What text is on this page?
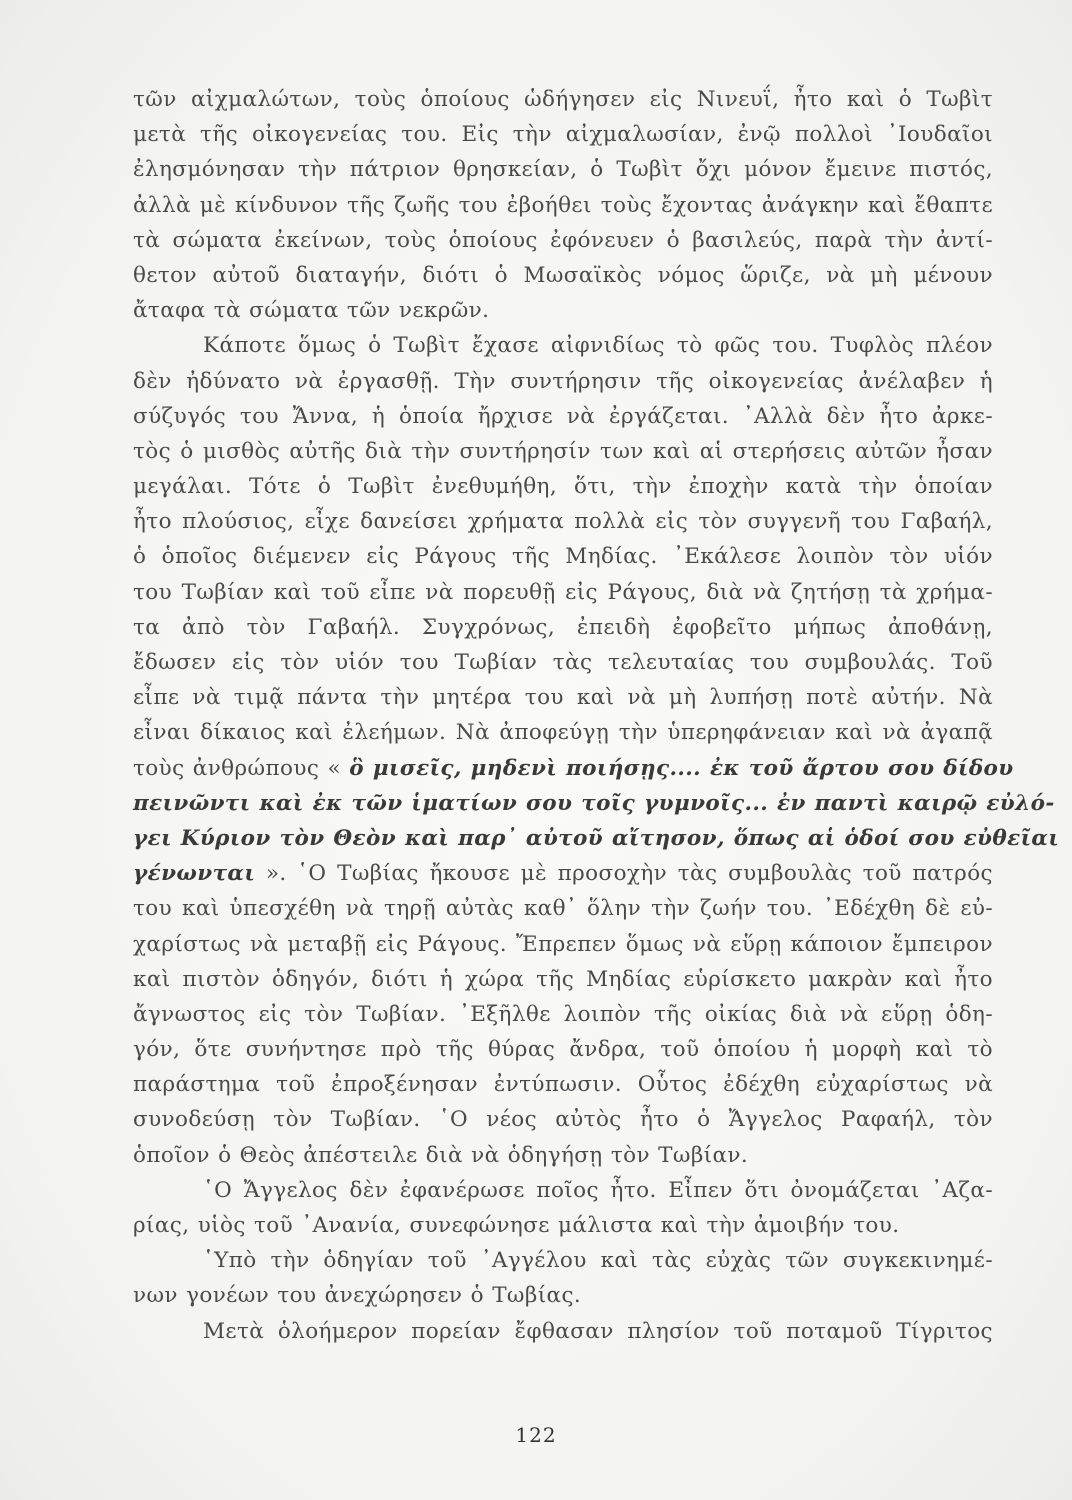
τῶν αἰχμαλώτων, τοὺς ὁποίους ὡδήγησεν εἰς Νινευΐ, ἦτο καὶ ὁ Τωβὶτ
μετὰ τῆς οἰκογενείας του. Εἰς τὴν αἰχμαλωσίαν, ἐνῷ πολλοὶ ᾿Ιουδαῖοι
ἐλησμόνησαν τὴν πάτριον θρησκείαν, ὁ Τωβὶτ ὄχι μόνον ἔμεινε πιστός,
ἀλλὰ μὲ κίνδυνον τῆς ζωῆς του ἐβοήθει τοὺς ἔχοντας ἀνάγκην καὶ ἔθαπτε
τὰ σώματα ἐκείνων, τοὺς ὁποίους ἐφόνευεν ὁ βασιλεύς, παρὰ τὴν ἀντί-
θετον αὐτοῦ διαταγήν, διότι ὁ Μωσαϊκὸς νόμος ὥριζε, νὰ μὴ μένουν
ἄταφα τὰ σώματα τῶν νεκρῶν.
Κάποτε ὅμως ὁ Τωβὶτ ἔχασε αἰφνιδίως τὸ φῶς του. Τυφλὸς πλέον
δὲν ἠδύνατο νὰ ἐργασθῇ. Τὴν συντήρησιν τῆς οἰκογενείας ἀνέλαβεν ἡ
σύζυγός του Ἄννα, ἡ ὁποία ἤρχισε νὰ ἐργάζεται. ᾿Αλλὰ δὲν ἦτο ἀρκε-
τὸς ὁ μισθὸς αὐτῆς διὰ τὴν συντήρησίν των καὶ αἱ στερήσεις αὐτῶν ἦσαν
μεγάλαι. Τότε ὁ Τωβὶτ ἐνεθυμήθη, ὅτι, τὴν ἐποχὴν κατὰ τὴν ὁποίαν
ἦτο πλούσιος, εἶχε δανείσει χρήματα πολλὰ εἰς τὸν συγγενῆ του Γαβαήλ,
ὁ ὁποῖος διέμενεν εἰς Ράγους τῆς Μηδίας. ᾿Εκάλεσε λοιπὸν τὸν υἱόν
του Τωβίαν καὶ τοῦ εἶπε νὰ πορευθῇ εἰς Ράγους, διὰ νὰ ζητήσῃ τὰ χρήμα-
τα ἀπὸ τὸν Γαβαήλ. Συγχρόνως, ἐπειδὴ ἐφοβεῖτο μήπως ἀποθάνῃ,
ἔδωσεν εἰς τὸν υἱόν του Τωβίαν τὰς τελευταίας του συμβουλάς. Τοῦ
εἶπε νὰ τιμᾷ πάντα τὴν μητέρα του καὶ νὰ μὴ λυπήσῃ ποτὲ αὐτήν. Νὰ
εἶναι δίκαιος καὶ ἐλεήμων. Νὰ ἀποφεύγῃ τὴν ὑπερηφάνειαν καὶ νὰ ἀγαπᾷ
τοὺς ἀνθρώπους « ὃ μισεῖς, μηδενὶ ποιήσῃς.... ἐκ τοῦ ἄρτου σου δίδου
πεινῶντι καὶ ἐκ τῶν ἱματίων σου τοῖς γυμνοῖς... ἐν παντὶ καιρῷ εὐλό-
γει Κύριον τὸν Θεὸν καὶ παρ᾿ αὐτοῦ αἴτησον, ὅπως αἱ ὁδοί σου εὐθεῖαι
γένωνται ». ῾Ο Τωβίας ἤκουσε μὲ προσοχὴν τὰς συμβουλὰς τοῦ πατρός
του καὶ ὑπεσχέθη νὰ τηρῇ αὐτὰς καθ᾿ ὅλην τὴν ζωήν του. ᾿Εδέχθη δὲ εὐ-
χαρίστως νὰ μεταβῇ εἰς Ράγους. Ἔπρεπεν ὅμως νὰ εὕρῃ κάποιον ἔμπειρον
καὶ πιστὸν ὁδηγόν, διότι ἡ χώρα τῆς Μηδίας εὑρίσκετο μακρὰν καὶ ἦτο
ἄγνωστος εἰς τὸν Τωβίαν. ᾿Εξῆλθε λοιπὸν τῆς οἰκίας διὰ νὰ εὕρῃ ὁδη-
γόν, ὅτε συνήντησε πρὸ τῆς θύρας ἄνδρα, τοῦ ὁποίου ἡ μορφὴ καὶ τὸ
παράστημα τοῦ ἐπροξένησαν ἐντύπωσιν. Οὗτος ἐδέχθη εὐχαρίστως νὰ
συνοδεύσῃ τὸν Τωβίαν. ῾Ο νέος αὐτὸς ἦτο ὁ Ἄγγελος Ραφαήλ, τὸν
ὁποῖον ὁ Θεὸς ἀπέστειλε διὰ νὰ ὁδηγήσῃ τὸν Τωβίαν.
῾Ο Ἄγγελος δὲν ἐφανέρωσε ποῖος ἦτο. Εἶπεν ὅτι ὀνομάζεται ᾿Αζα-
ρίας, υἱὸς τοῦ ᾿Ανανία, συνεφώνησε μάλιστα καὶ τὴν ἀμοιβήν του.
῾Υπὸ τὴν ὁδηγίαν τοῦ ᾿Αγγέλου καὶ τὰς εὐχὰς τῶν συγκεκινημέ-
νων γονέων του ἀνεχώρησεν ὁ Τωβίας.
Μετὰ ὁλοήμερον πορείαν ἔφθασαν πλησίον τοῦ ποταμοῦ Τίγριτος
122
